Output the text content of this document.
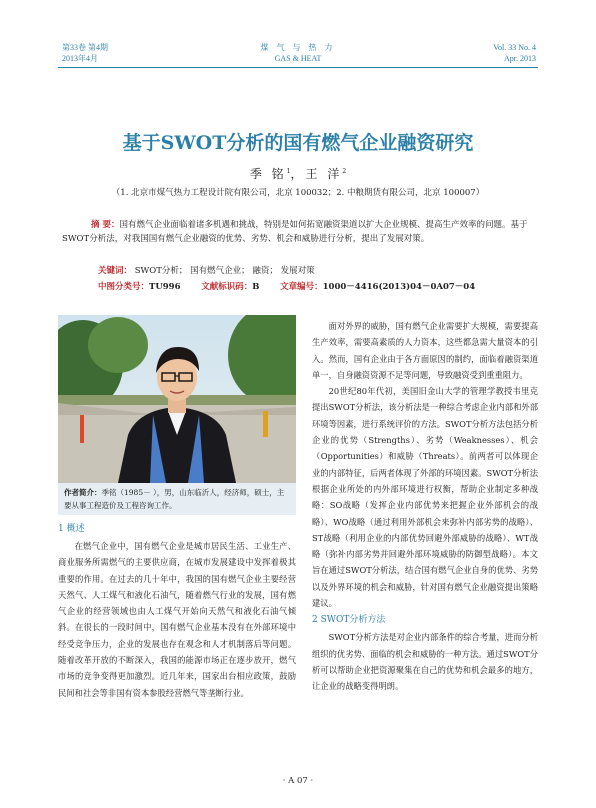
第33卷 第4期
2013年4月
煤 气 与 热 力
GAS & HEAT
Vol. 33 No. 4
Apr. 2013
基于SWOT分析的国有燃气企业融资研究
季 铭$^1$，王 洋$^2$
（1. 北京市煤气热力工程设计院有限公司，北京 100032；2. 中粮期货有限公司，北京 100007）
摘 要：国有燃气企业面临着诸多机遇和挑战，特别是如何拓宽融资渠道以扩大企业规模、提高生产效率的问题。基于SWOT分析法，对我国国有燃气企业融资的优势、劣势、机会和威胁进行分析，提出了发展对策。
关键词： SWOT分析； 国有燃气企业； 融资； 发展对策
中图分类号：TU996 文献标识码：B 文章编号：1000－4416(2013)04－0A07－04
作者简介：季铭（1985－ ），男，山东临沂人，经济师，硕士，主要从事工程造价及工程咨询工作。
1 概述

在燃气企业中，国有燃气企业是城市居民生活、工业生产、商业服务所需燃气的主要供应商，在城市发展建设中发挥着极其重要的作用。在过去的几十年中，我国的国有燃气企业主要经营天然气、人工煤气和液化石油气，随着燃气行业的发展，国有燃气企业的经营领域也由人工煤气开始向天然气和液化石油气倾斜。在很长的一段时间中，国有燃气企业基本没有在外部环境中经受竞争压力，企业的发展也存在观念和人才机制落后等问题。随着改革开放的不断深入，我国的能源市场正在逐步放开，燃气市场的竞争变得更加激烈。近几年来，国家出台相应政策，鼓励民间和社会等非国有资本参股经营燃气等垄断行业。

面对外界的威胁，国有燃气企业需要扩大规模，需要提高生产效率，需要高素质的人力资本，这些都急需大量资本的引入。然而，国有企业由于各方面原因的制约，面临着融资渠道单一，自身融资资源不足等问题，导致融资受到重重阻力。

20世纪80年代初，美国旧金山大学的管理学教授韦里克提出SWOT分析法，该分析法是一种综合考虑企业内部和外部环境等因素，进行系统评价的方法。SWOT分析方法包括分析企业的优势（Strengths）、劣势（Weaknesses）、机会（Opportunities）和威胁（Threats）。前两者可以体现企业的内部特征，后两者体现了外部的环境因素。SWOT分析法根据企业所处的内外部环境进行权衡，帮助企业制定多种战略：SO战略（发挥企业内部优势来把握企业外部机会的战略）、WO战略（通过利用外部机会来弥补内部劣势的战略）、ST战略（利用企业的内部优势回避外部威胁的战略）、WT战略（弥补内部劣势并回避外部环境威胁的防御型战略）。本文旨在通过SWOT分析法，结合国有燃气企业自身的优势、劣势以及外界环境的机会和威胁，针对国有燃气企业融资提出策略建议。

2 SWOT分析方法

SWOT分析方法是对企业内部条件的综合考量，进而分析组织的优劣势、面临的机会和威胁的一种方法。通过SWOT分析可以帮助企业把资源聚集在自己的优势和机会最多的地方，让企业的战略变得明朗。

· A 07 ·
